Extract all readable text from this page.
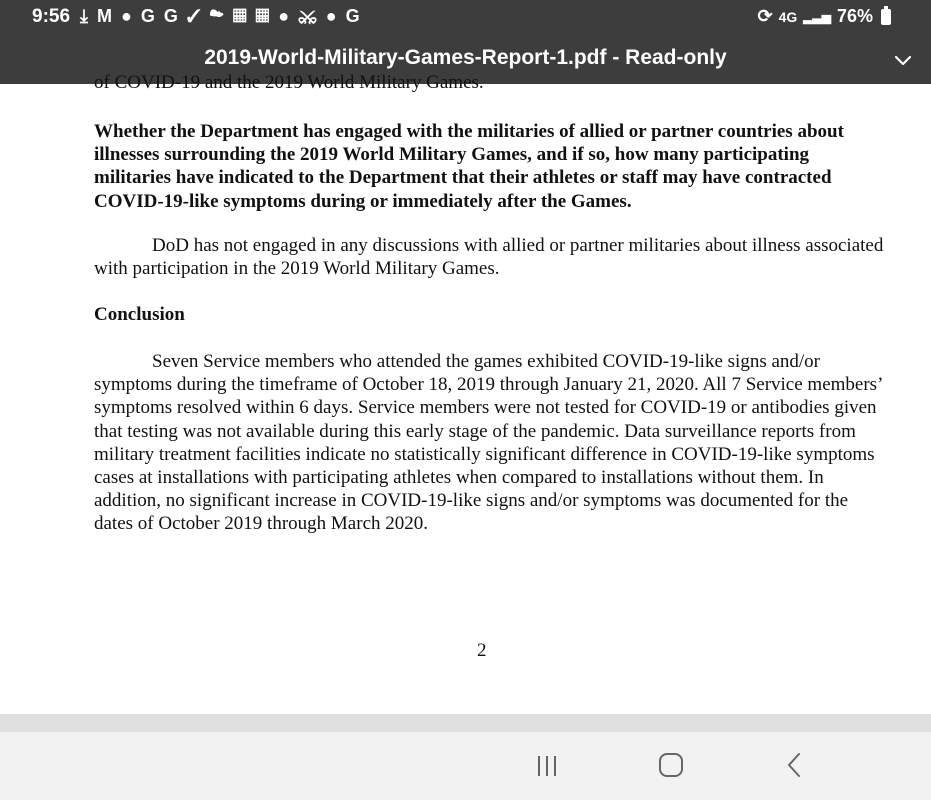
9:56 ⤓ M ● G G ✓ ☁ ▦ ▦ ● ⚔ ● G	⟳ 4G ▂▃▅ 76%
2019-World-Military-Games-Report-1.pdf - Read-only
of COVID-19 and the 2019 World Military Games.
Whether the Department has engaged with the militaries of allied or partner countries about illnesses surrounding the 2019 World Military Games, and if so, how many participating militaries have indicated to the Department that their athletes or staff may have contracted COVID-19-like symptoms during or immediately after the Games.
DoD has not engaged in any discussions with allied or partner militaries about illness associated with participation in the 2019 World Military Games.
Conclusion
Seven Service members who attended the games exhibited COVID-19-like signs and/or symptoms during the timeframe of October 18, 2019 through January 21, 2020. All 7 Service members’ symptoms resolved within 6 days. Service members were not tested for COVID-19 or antibodies given that testing was not available during this early stage of the pandemic. Data surveillance reports from military treatment facilities indicate no statistically significant difference in COVID-19-like symptoms cases at installations with participating athletes when compared to installations without them. In addition, no significant increase in COVID-19-like signs and/or symptoms was documented for the dates of October 2019 through March 2020.
2
